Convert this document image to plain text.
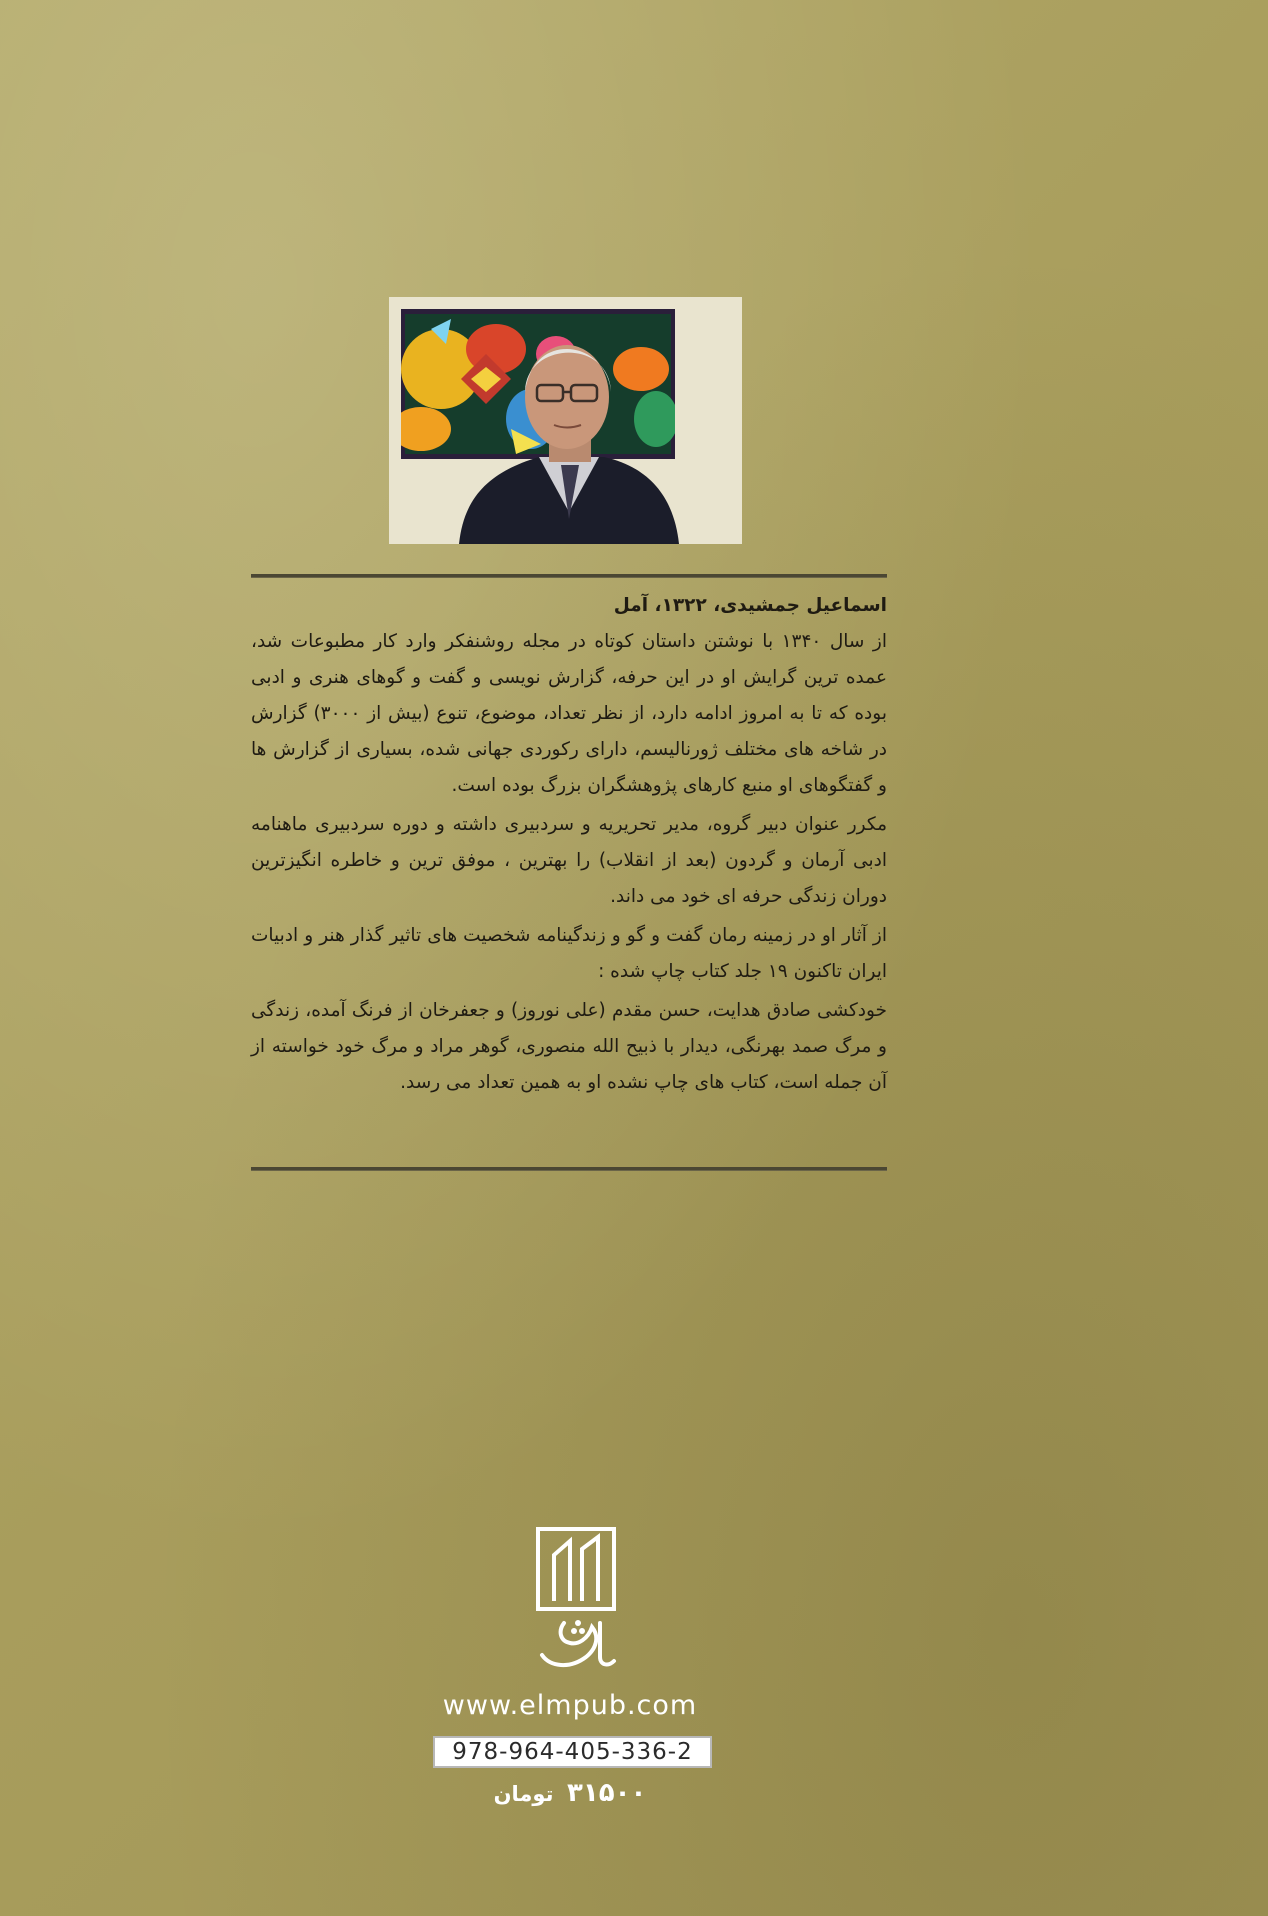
اسماعیل جمشیدی، ۱۳۲۲، آمل

از سال ۱۳۴۰ با نوشتن داستان کوتاه در مجله روشنفکر وارد کار مطبوعات شد، عمده ترین گرایش او در این حرفه، گزارش نویسی و گفت و گوهای هنری و ادبی بوده که تا به امروز ادامه دارد، از نظر تعداد، موضوع، تنوع (بیش از ۳۰۰۰) گزارش در شاخه های مختلف ژورنالیسم، دارای رکوردی جهانی شده، بسیاری از گزارش ها و گفتگوهای او منبع کارهای پژوهشگران بزرگ بوده است.

مکرر عنوان دبیر گروه، مدیر تحریریه و سردبیری داشته و دوره سردبیری ماهنامه ادبی آرمان و گردون (بعد از انقلاب) را بهترین ، موفق ترین و خاطره انگیزترین دوران زندگی حرفه ای خود می داند.

از آثار او در زمینه رمان گفت و گو و زندگینامه شخصیت های تاثیر گذار هنر و ادبیات ایران تاکنون ۱۹ جلد کتاب چاپ شده :

خودکشی صادق هدایت، حسن مقدم (علی نوروز) و جعفرخان از فرنگ آمده، زندگی و مرگ صمد بهرنگی، دیدار با ذبیح الله منصوری، گوهر مراد و مرگ خود خواسته از آن جمله است، کتاب های چاپ نشده او به همین تعداد می رسد.

www.elmpub.com
978-964-405-336-2
۳۱۵۰۰ تومان
